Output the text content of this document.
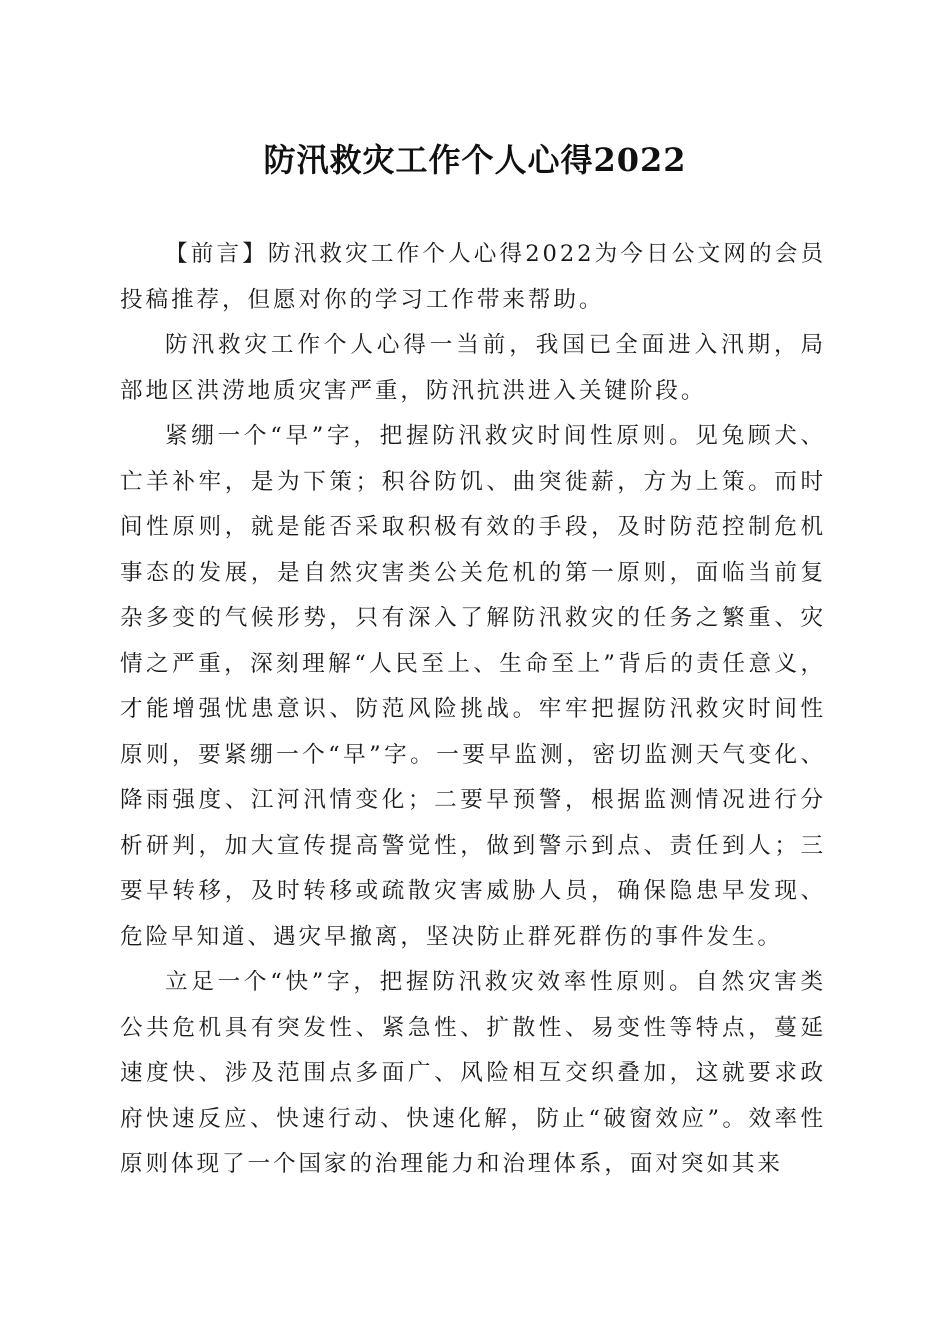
防汛救灾工作个人心得2022

【前言】防汛救灾工作个人心得2022为今日公文网的会员投稿推荐，但愿对你的学习工作带来帮助。

防汛救灾工作个人心得一当前，我国已全面进入汛期，局部地区洪涝地质灾害严重，防汛抗洪进入关键阶段。

紧绷一个“早”字，把握防汛救灾时间性原则。见兔顾犬、亡羊补牢，是为下策；积谷防饥、曲突徙薪，方为上策。而时间性原则，就是能否采取积极有效的手段，及时防范控制危机事态的发展，是自然灾害类公关危机的第一原则，面临当前复杂多变的气候形势，只有深入了解防汛救灾的任务之繁重、灾情之严重，深刻理解“人民至上、生命至上”背后的责任意义，才能增强忧患意识、防范风险挑战。牢牢把握防汛救灾时间性原则，要紧绷一个“早”字。一要早监测，密切监测天气变化、降雨强度、江河汛情变化；二要早预警，根据监测情况进行分析研判，加大宣传提高警觉性，做到警示到点、责任到人；三要早转移，及时转移或疏散灾害威胁人员，确保隐患早发现、危险早知道、遇灾早撤离，坚决防止群死群伤的事件发生。

立足一个“快”字，把握防汛救灾效率性原则。自然灾害类公共危机具有突发性、紧急性、扩散性、易变性等特点，蔓延速度快、涉及范围点多面广、风险相互交织叠加，这就要求政府快速反应、快速行动、快速化解，防止“破窗效应”。效率性原则体现了一个国家的治理能力和治理体系，面对突如其来
